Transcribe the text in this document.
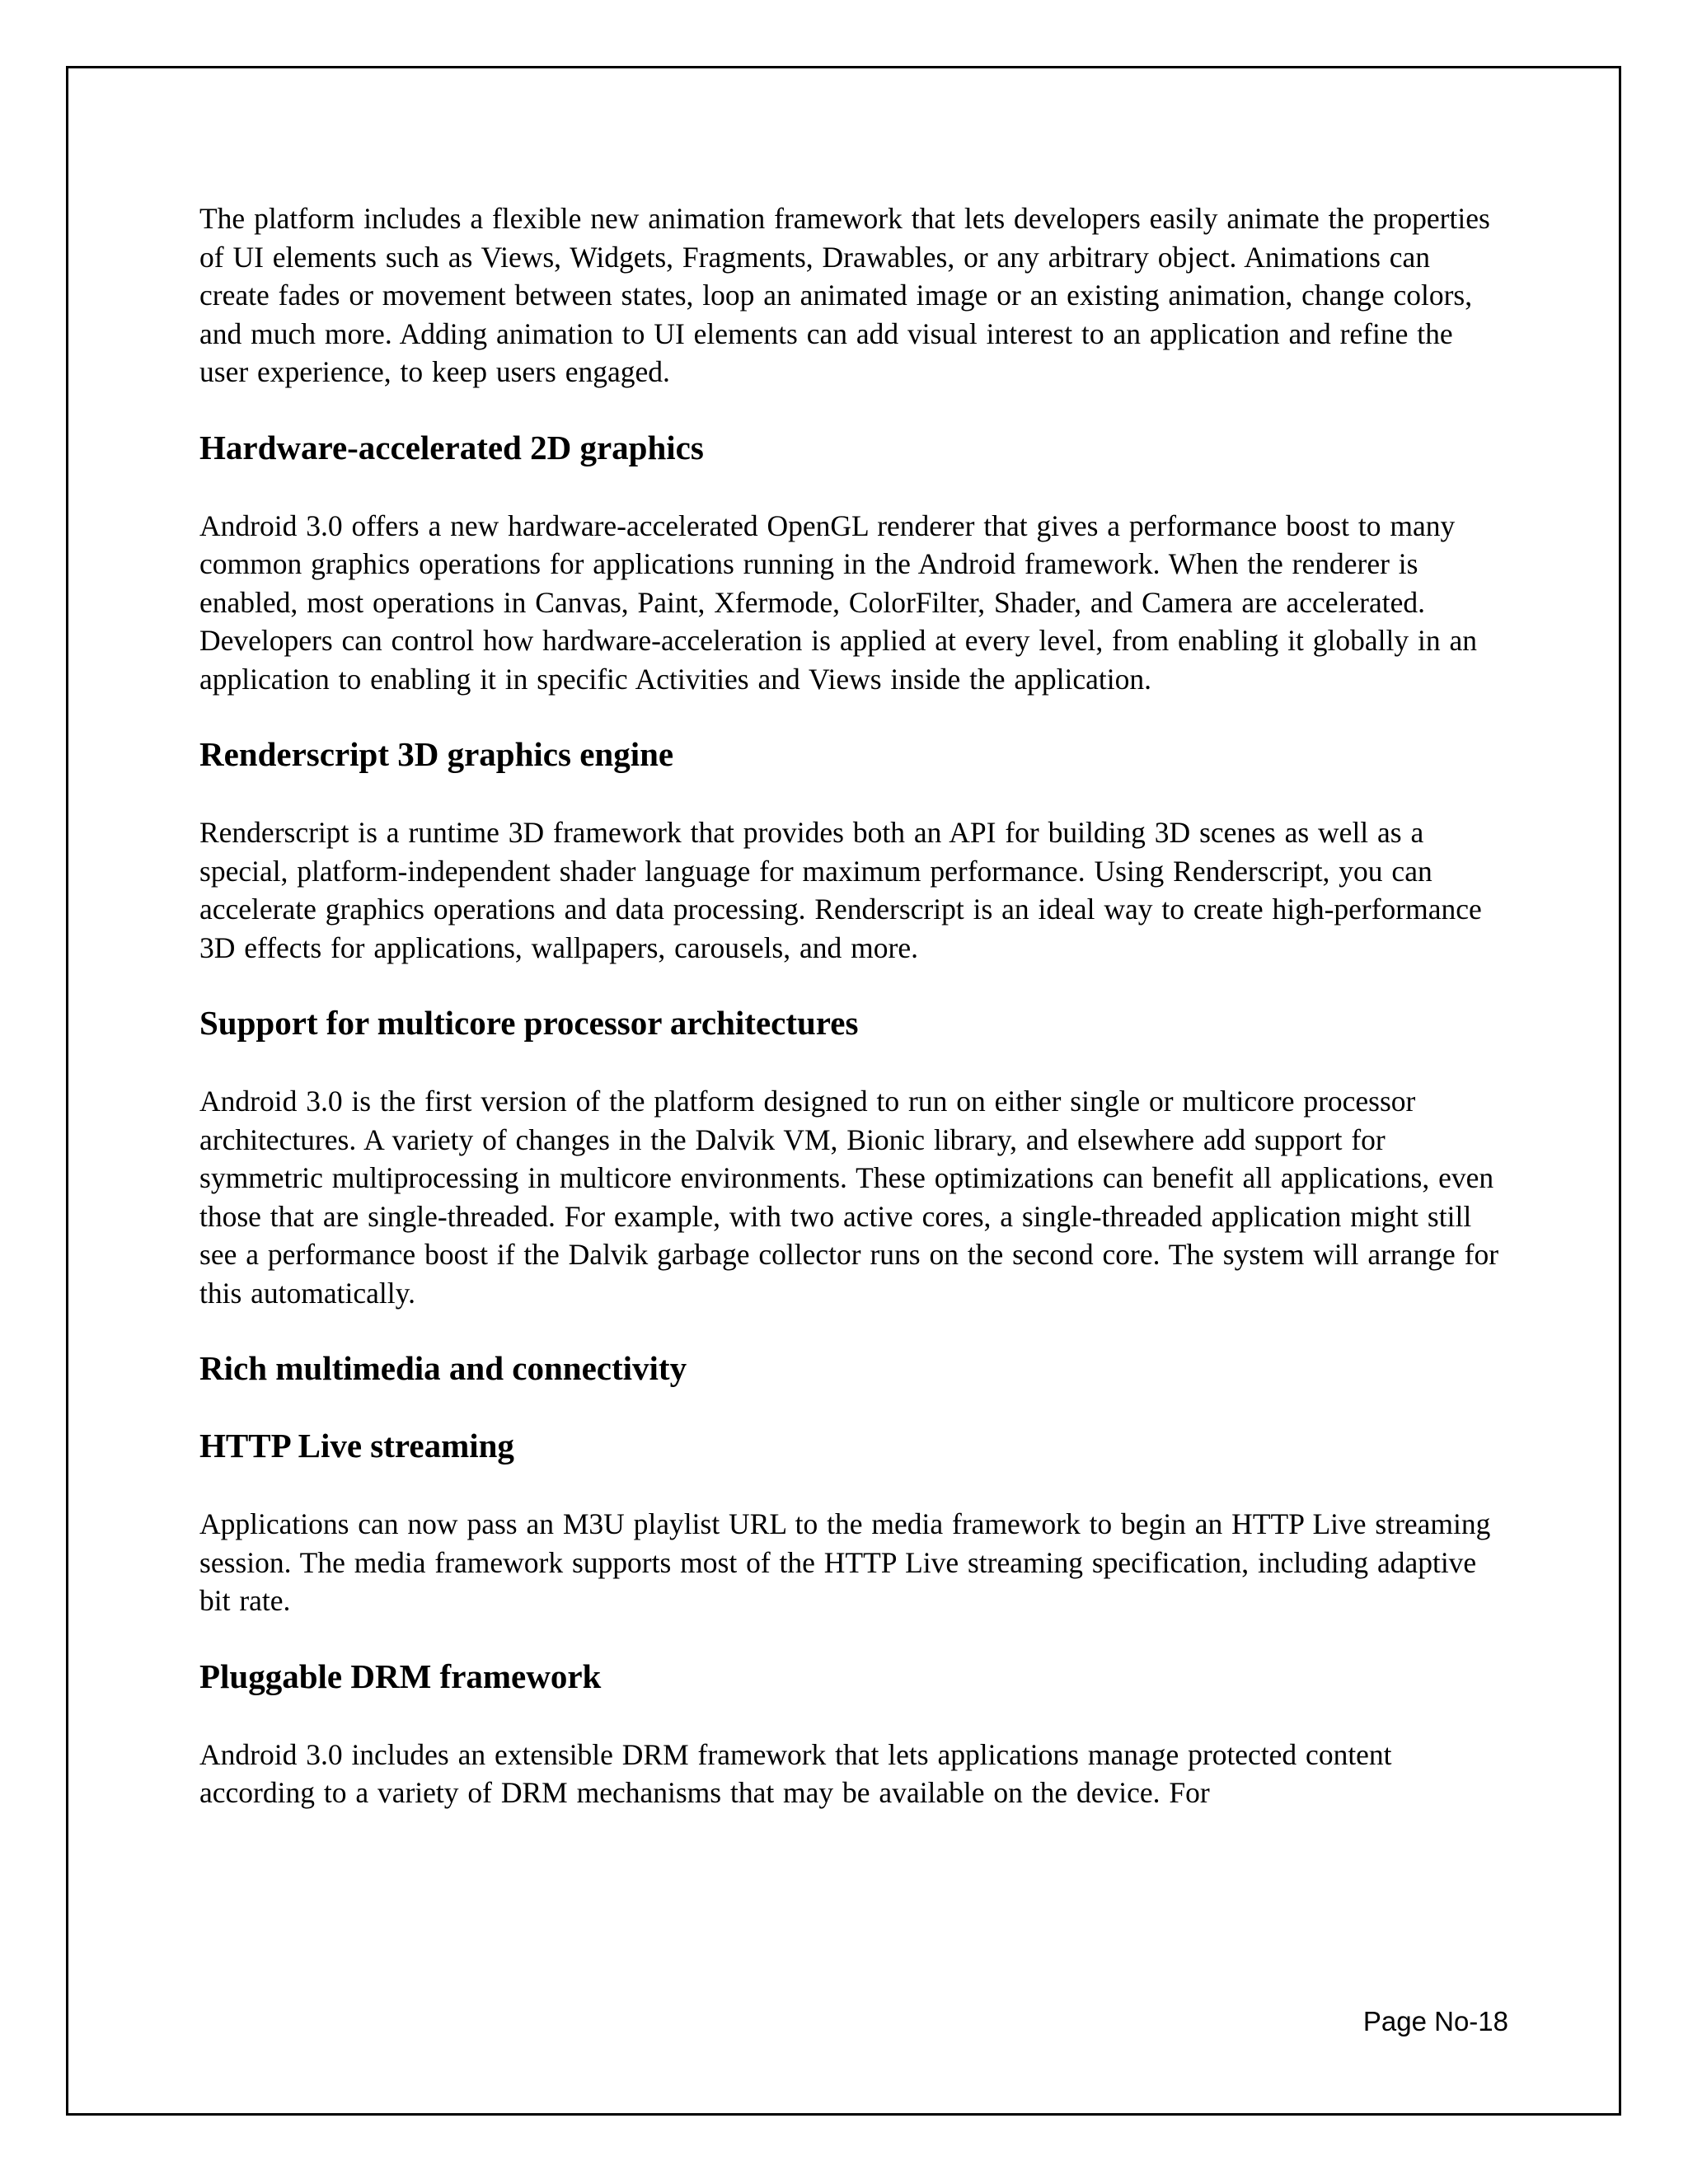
The platform includes a flexible new animation framework that lets developers easily animate the properties of UI elements such as Views, Widgets, Fragments, Drawables, or any arbitrary object. Animations can create fades or movement between states, loop an animated image or an existing animation, change colors, and much more. Adding animation to UI elements can add visual interest to an application and refine the user experience, to keep users engaged.

Hardware-accelerated 2D graphics

Android 3.0 offers a new hardware-accelerated OpenGL renderer that gives a performance boost to many common graphics operations for applications running in the Android framework. When the renderer is enabled, most operations in Canvas, Paint, Xfermode, ColorFilter, Shader, and Camera are accelerated. Developers can control how hardware-acceleration is applied at every level, from enabling it globally in an application to enabling it in specific Activities and Views inside the application.

Renderscript 3D graphics engine

Renderscript is a runtime 3D framework that provides both an API for building 3D scenes as well as a special, platform-independent shader language for maximum performance. Using Renderscript, you can accelerate graphics operations and data processing. Renderscript is an ideal way to create high-performance 3D effects for applications, wallpapers, carousels, and more.

Support for multicore processor architectures

Android 3.0 is the first version of the platform designed to run on either single or multicore processor architectures. A variety of changes in the Dalvik VM, Bionic library, and elsewhere add support for symmetric multiprocessing in multicore environments. These optimizations can benefit all applications, even those that are single-threaded. For example, with two active cores, a single-threaded application might still see a performance boost if the Dalvik garbage collector runs on the second core. The system will arrange for this automatically.

Rich multimedia and connectivity
HTTP Live streaming

Applications can now pass an M3U playlist URL to the media framework to begin an HTTP Live streaming session. The media framework supports most of the HTTP Live streaming specification, including adaptive bit rate.

Pluggable DRM framework

Android 3.0 includes an extensible DRM framework that lets applications manage protected content according to a variety of DRM mechanisms that may be available on the device. For

Page No-18
